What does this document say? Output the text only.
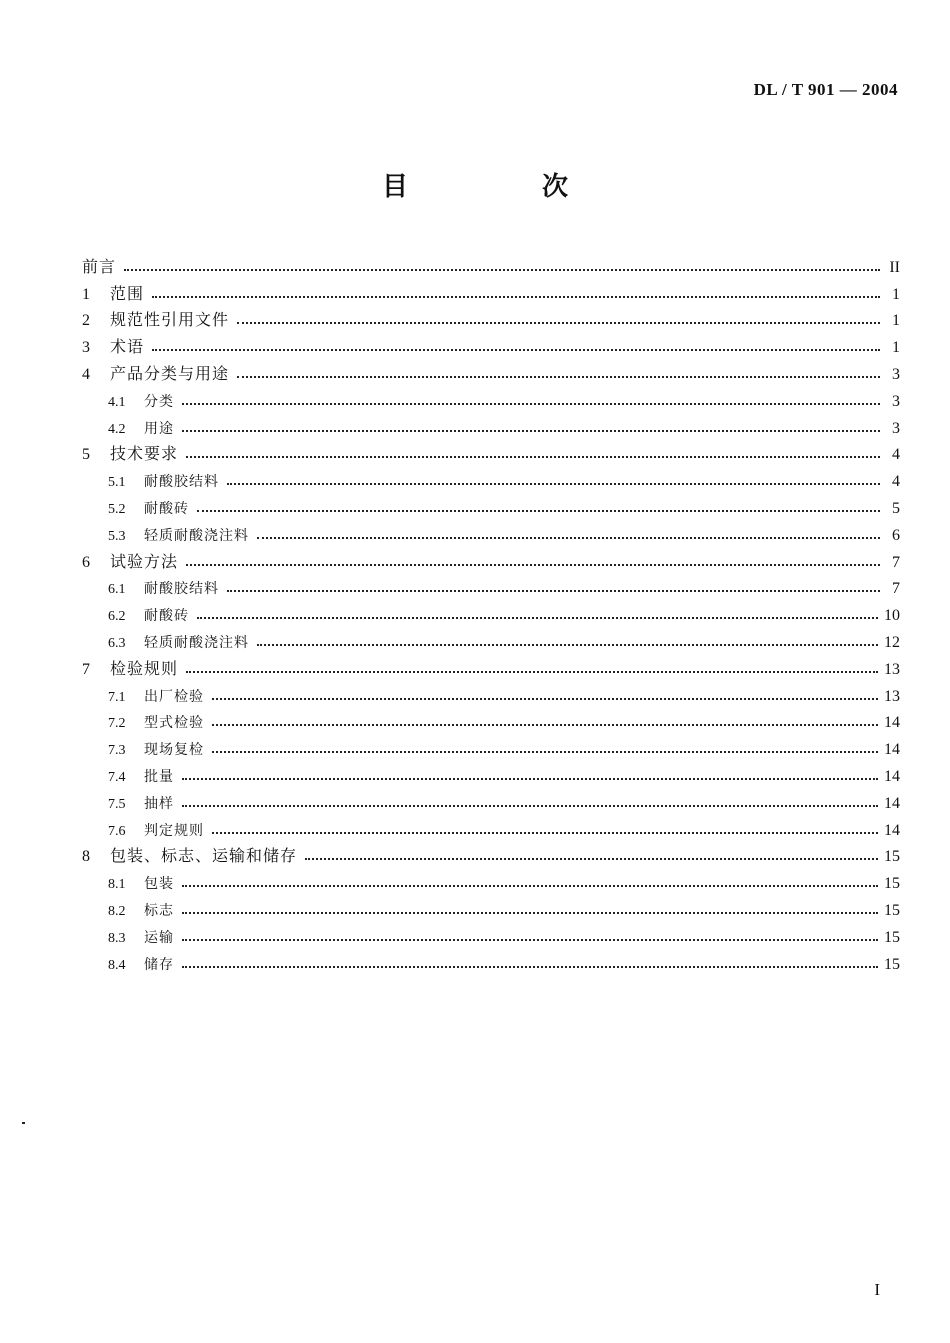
DL / T 901 — 2004
目　次
前言	II
1	范围	1
2	规范性引用文件	1
3	术语	1
4	产品分类与用途	3
4.1	分类	3
4.2	用途	3
5	技术要求	4
5.1	耐酸胶结料	4
5.2	耐酸砖	5
5.3	轻质耐酸浇注料	6
6	试验方法	7
6.1	耐酸胶结料	7
6.2	耐酸砖	10
6.3	轻质耐酸浇注料	12
7	检验规则	13
7.1	出厂检验	13
7.2	型式检验	14
7.3	现场复检	14
7.4	批量	14
7.5	抽样	14
7.6	判定规则	14
8	包装、标志、运输和储存	15
8.1	包装	15
8.2	标志	15
8.3	运输	15
8.4	储存	15
I
